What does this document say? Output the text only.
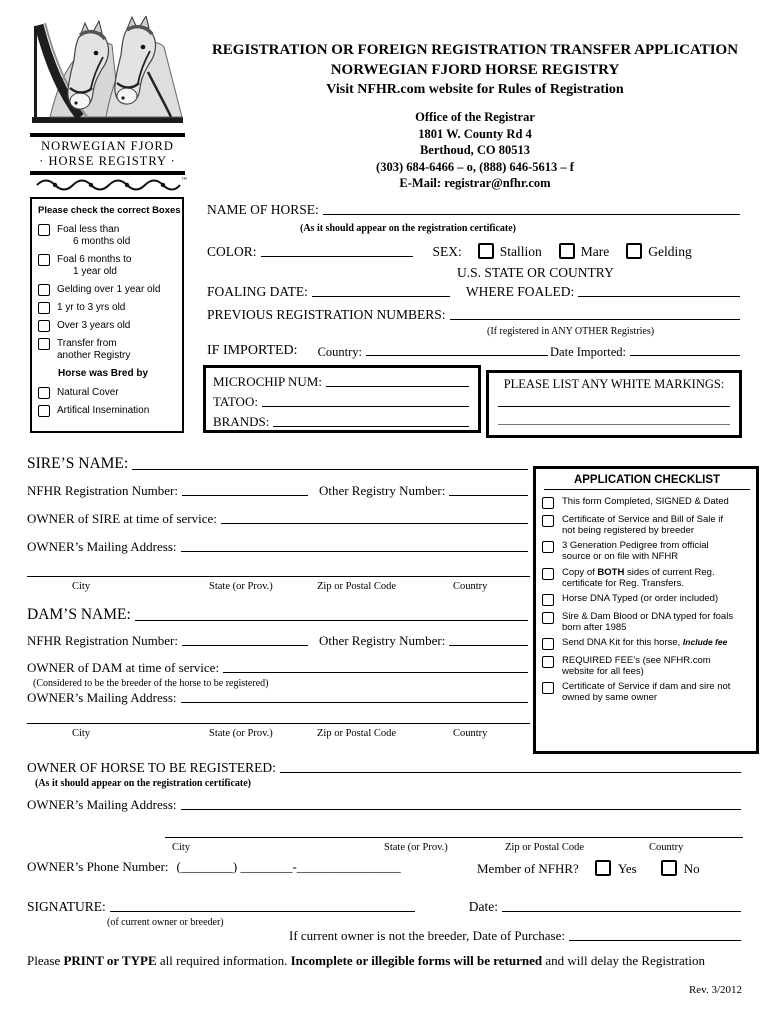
NORWEGIAN FJORD
· HORSE REGISTRY ·
™
REGISTRATION OR FOREIGN REGISTRATION TRANSFER APPLICATION
NORWEGIAN FJORD HORSE REGISTRY
Visit NFHR.com website for Rules of Registration
Office of the Registrar
1801 W. County Rd 4
Berthoud, CO 80513
(303) 684-6466 – o, (888) 646-5613 – f
E-Mail: registrar@nfhr.com
Please check the correct Boxes
Foal less than
6 months old
Foal 6 months to
1 year old
Gelding over 1 year old
1 yr to 3 yrs old
Over 3 years old
Transfer from
another Registry
Horse was Bred by
Natural Cover
Artifical Insemination
NAME OF HORSE:
(As it should appear on the registration certificate)
COLOR:	SEX:	Stallion	Mare	Gelding
U.S. STATE OR COUNTRY
FOALING DATE:	WHERE FOALED:
PREVIOUS REGISTRATION NUMBERS:
(If registered in ANY OTHER Registries)
IF IMPORTED: Country:	Date Imported:
MICROCHIP NUM:
TATOO:
BRANDS:
PLEASE LIST ANY WHITE MARKINGS:
SIRE’S NAME:
NFHR Registration Number:	Other Registry Number:
OWNER of SIRE at time of service:
OWNER’s Mailing Address:
City	State (or Prov.)	Zip or Postal Code	Country
APPLICATION CHECKLIST
This form Completed, SIGNED & Dated
Certificate of Service and Bill of Sale if not being registered by breeder
3 Generation Pedigree from official source or on file with NFHR
Copy of BOTH sides of current Reg. certificate for Reg. Transfers.
Horse DNA Typed (or order included)
Sire & Dam Blood or DNA typed for foals born after 1985
Send DNA Kit for this horse, Include fee
REQUIRED FEE’s (see NFHR.com website for all fees)
Certificate of Service if dam and sire not owned by same owner
DAM’S NAME:
NFHR Registration Number:	Other Registry Number:
OWNER of DAM at time of service:
(Considered to be the breeder of the horse to be registered)
OWNER’s Mailing Address:
City	State (or Prov.)	Zip or Postal Code	Country
OWNER OF HORSE TO BE REGISTERED:
(As it should appear on the registration certificate)
OWNER’s Mailing Address:
City	State (or Prov.)	Zip or Postal Code	Country
OWNER’s Phone Number: (________) ________-________________	Member of NFHR?	Yes	No
SIGNATURE:	Date:
(of current owner or breeder)
If current owner is not the breeder, Date of Purchase:
Please PRINT or TYPE all required information. Incomplete or illegible forms will be returned and will delay the Registration
Rev. 3/2012
